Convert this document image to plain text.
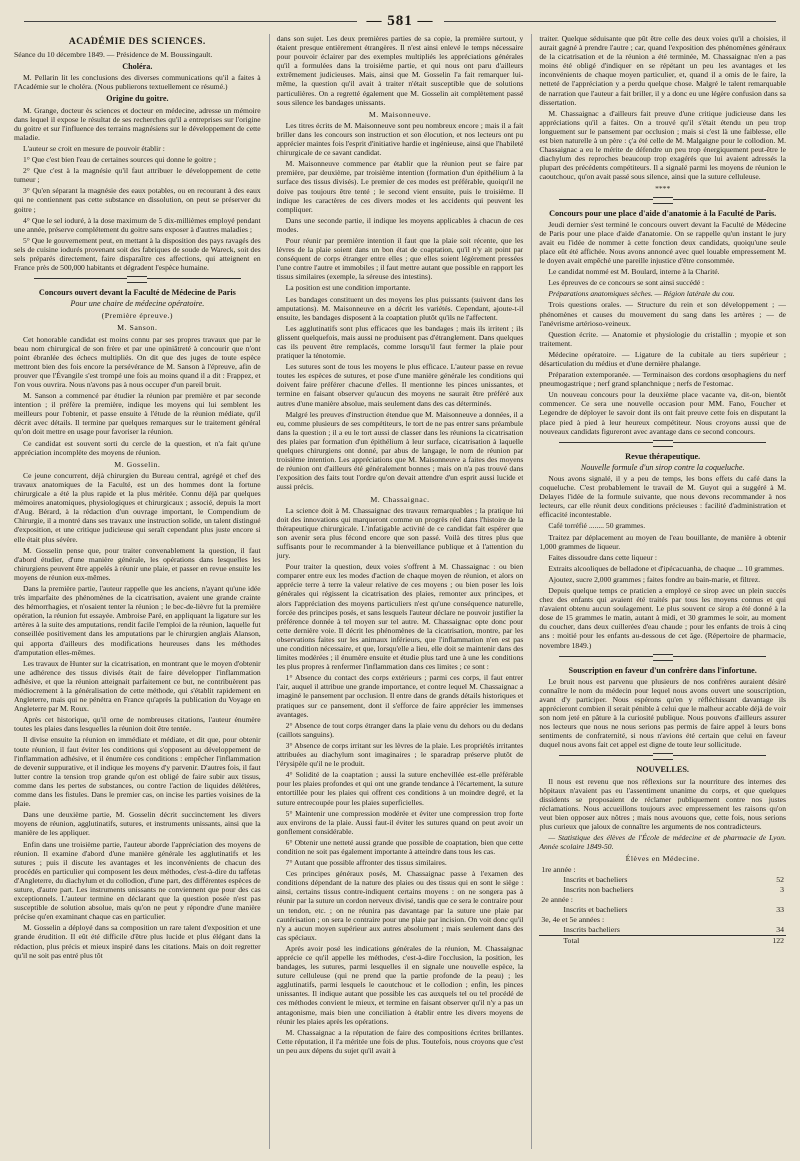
— 581 —
ACADÉMIE DES SCIENCES.

Séance du 10 décembre 1849. — Présidence de M. Boussingault.

Choléra.

M. Pellarin lit les conclusions des diverses communications qu'il a faites à l'Académie sur le choléra. (Nous publierons textuellement ce résumé.)

Origine du goitre.

M. Grange, docteur ès sciences et docteur en médecine, adresse un mémoire dans lequel il expose le résultat de ses recherches qu'il a entreprises sur l'origine du goitre et sur l'influence des terrains magnésiens sur le développement de cette maladie.

L'auteur se croit en mesure de pouvoir établir :

1° Que c'est bien l'eau de certaines sources qui donne le goitre ;

2° Que c'est à la magnésie qu'il faut attribuer le développement de cette tumeur ;

3° Qu'en séparant la magnésie des eaux potables, ou en recourant à des eaux qui ne contiennent pas cette substance en dissolution, on peut se préserver du goitre ;

4° Que le sel ioduré, à la dose maximum de 5 dix-millièmes employé pendant une année, préserve complétement du goitre sans exposer à d'autres maladies ;

5° Que le gouvernement peut, en mettant à la disposition des pays ravagés des sels de cuisine iodurés provenant soit des fabriques de soude de Wareck, soit des sels préparés directement, faire disparaître ces affections, qui atteignent en France près de 500,000 habitants et dégradent l'espèce humaine.

Concours ouvert devant la Faculté de Médecine de Paris
Pour une chaire de médecine opératoire.
(Première épreuve.)
M. Sanson.

Cet honorable candidat est moins connu par ses propres travaux que par le beau nom chirurgical de son frère et par une opiniâtreté à concourir que n'ont point ébranlée des échecs multipliés. On dit que des juges de toute espèce mettront bien des fois encore la persévérance de M. Sanson à l'épreuve, afin de prouver que l'Évangile s'est trompé une fois au moins quand il a dit : Frappez, et l'on vous ouvrira. Nous n'avons pas à nous occuper d'un pareil bruit.

M. Sanson a commencé par étudier la réunion par première et par seconde intention ; il préfère la première, indique les moyens qui lui semblent les meilleurs pour l'obtenir, et passe ensuite à l'étude de la réunion médiate, qu'il décrit avec détails. Il termine par quelques remarques sur le traitement général qu'on doit mettre en usage pour favoriser la réunion.

Ce candidat est souvent sorti du cercle de la question, et n'a fait qu'une appréciation incomplète des moyens de réunion.

M. Gosselin.

Ce jeune concurrent, déjà chirurgien du Bureau central, agrégé et chef des travaux anatomiques de la Faculté, est un des hommes dont la fortune chirurgicale a été la plus rapide et la plus méritée. Connu déjà par quelques mémoires anatomiques, physiologiques et chirurgicaux ; associé, depuis la mort d'Aug. Bérard, à la rédaction d'un ouvrage important, le Compendium de Chirurgie, il a montré dans ses travaux une instruction solide, un talent distingué d'exposition, et une critique judicieuse qui seraît cependant plus juste encore si elle était plus sévère.

M. Gosselin pense que, pour traiter convenablement la question, il faut d'abord étudier, d'une manière générale, les opérations dans lesquelles les chirurgiens peuvent être appelés à réunir une plaie, et passer en revue ensuite les moyens de réunion eux-mêmes.

Dans la première partie, l'auteur rappelle que les anciens, n'ayant qu'une idée très imparfaite des phénomènes de la cicatrisation, avaient une grande crainte des hémorrhagies, et n'osaient tenter la réunion ; le bec-de-lièvre fut la première opération, la réunion fut essayée. Ambroise Paré, en appliquant la ligature sur les artères à la suite des amputations, rendit facile l'emploi de la réunion, laquelle fut conseillée positivement dans les amputations par le chirurgien anglais Alanson, qui apporta d'ailleurs des modifications heureuses dans les méthodes d'amputation elles-mêmes.

Les travaux de Hunter sur la cicatrisation, en montrant que le moyen d'obtenir une adhérence des tissus divisés était de faire développer l'inflammation adhésive, et que la réunion atteignait parfaitement ce but, ne contribuèrent pas médiocrement à la généralisation de cette méthode, qui s'établit rapidement en Angleterre, mais qui ne pénétra en France qu'après la publication du Voyage en Angleterre par M. Roux.

Après cet historique, qu'il orne de nombreuses citations, l'auteur énumère toutes les plaies dans lesquelles la réunion doit être tentée.

Il divise ensuite la réunion en immédiate et médiate, et dit que, pour obtenir toute réunion, il faut éviter les conditions qui s'opposent au développement de l'inflammation adhésive, et il énumère ces conditions : empêcher l'inflammation de devenir suppurative, et il indique les moyens d'y parvenir. D'autres fois, il faut lutter contre la tension trop grande qu'on est obligé de faire subir aux tissus, comme dans les pertes de substances, ou contre l'action de liquides délétères, comme dans les fistules. Dans le premier cas, on incise les parties voisines de la plaie.

Dans une deuxième partie, M. Gosselin décrit succinctement les divers moyens de réunion, agglutinatifs, sutures, et instruments unissants, ainsi que la manière de les appliquer.

Enfin dans une troisième partie, l'auteur aborde l'appréciation des moyens de réunion. Il examine d'abord d'une manière générale les agglutinatifs et les sutures ; puis il discute les avantages et les inconvénients de chacun des procédés en particulier qui composent les deux méthodes, c'est-à-dire du taffetas d'Angleterre, du diachylum et du collodion, d'une part, des différentes espèces de suture, d'autre part. Les instruments unissants ne conviennent que pour des cas exceptionnels. L'auteur termine en déclarant que la question posée n'est pas susceptible de solution absolue, mais qu'on ne peut y répondre d'une manière précise qu'en examinant chaque cas en particulier.

M. Gosselin a déployé dans sa composition un rare talent d'exposition et une grande érudition. Il eût été difficile d'être plus lucide et plus élégant dans la rédaction, plus précis et mieux inspiré dans les citations. Mais on doit regretter qu'il ne soit pas entré plus tôt

dans son sujet. Les deux premières parties de sa copie, la première surtout, y étaient presque entièrement étrangères. Il n'est ainsi enlevé le temps nécessaire pour pouvoir éclairer par des exemples multipliés les appréciations générales qu'il a formulées dans la troisième partie, et qui nous ont paru d'ailleurs extrêmement judicieuses. Mais, ainsi que M. Gosselin l'a fait remarquer lui-même, la question qu'il avait à traiter n'était susceptible que de solutions particulières. On a regretté également que M. Gosselin ait complètement passé sous silence les bandages unissants.

M. Maisonneuve.

Les titres écrits de M. Maisonneuve sont peu nombreux encore ; mais il a fait briller dans les concours son instruction et son élocution, et nos lecteurs ont pu apprécier maintes fois l'esprit d'initiative hardie et ingénieuse, ainsi que l'habileté chirurgicale de ce savant candidat.

M. Maisonneuve commence par établir que la réunion peut se faire par première, par deuxième, par troisième intention (formation d'un épithélium à la surface des tissus divisés). Le premier de ces modes est préférable, quoiqu'il ne doive pas toujours être tenté ; le second vient ensuite, puis le troisième. Il indique les caractères de ces divers modes et les accidents qui peuvent les compliquer.

Dans une seconde partie, il indique les moyens applicables à chacun de ces modes.

Pour réunir par première intention il faut que la plaie soit récente, que les lèvres de la plaie soient dans un bon état de coaptation, qu'il n'y ait point par conséquent de corps étranger entre elles ; que elles soient légèrement pressées l'une contre l'autre et immobiles ; il faut mettre autant que possible en rapport les tissus similaires (exemple, la séreuse des intestins).

La position est une condition importante.

Les bandages constituent un des moyens les plus puissants (suivent dans les amputations). M. Maisonneuve en a décrit les variétés. Cependant, ajoute-t-il ensuite, les bandages disposent à la coaptation plutôt qu'ils ne l'affectent.

Les agglutinatifs sont plus efficaces que les bandages ; mais ils irritent ; ils glissent quelquefois, mais aussi ne produisent pas d'étranglement. Dans quelques cas ils peuvent être remplacés, comme lorsqu'il faut fermer la plaie pour pratiquer la ténotomie.

Les sutures sont de tous les moyens le plus efficace. L'auteur passe en revue toutes les espèces de sutures, et pose d'une manière générale les conditions qui doivent faire préférer chacune d'elles. Il mentionne les pinces unissantes, et termine en faisant observer qu'aucun des moyens ne saurait être préféré aux autres d'une manière absolue, mais seulement dans des cas déterminés.

Malgré les preuves d'instruction étendue que M. Maisonneuve a données, il a eu, comme plusieurs de ses compétiteurs, le tort de ne pas entrer sans préambule dans la question ; il a eu le tort aussi de classer dans les réunions la cicatrisation des plaies par formation d'un épithélium à leur surface, cicatrisation à laquelle quelques chirurgiens ont donné, par abus de langage, le nom de réunion par troisième intention. Les appréciations que M. Maisonneuve a faites des moyens de réunion ont d'ailleurs été généralement bonnes ; mais on n'a pas trouvé dans l'exposition des faits tout l'ordre qu'on devait attendre d'un esprit aussi lucide et aussi précis.

M. Chassaignac.

La science doit à M. Chassaignac des travaux remarquables ; la pratique lui doit des innovations qui marqueront comme un progrès réel dans l'histoire de la thérapeutique chirurgicale. L'infatigable activité de ce candidat fait espérer que son avenir sera plus fécond encore que son passé. Voilà des titres plus que suffisants pour le recommander à la bienveillance publique et à l'attention du jury.

Pour traiter la question, deux voies s'offrent à M. Chassaignac : ou bien comparer entre eux les modes d'action de chaque moyen de réunion, et alors on apprécie terre à terre la valeur relative de ces moyens ; ou bien poser les lois générales qui régissent la cicatrisation des plaies, remonter aux principes, et alors l'appréciation des moyens particuliers n'est qu'une conséquence naturelle, forcée des principes posés, et sans lesquels l'auteur déclare ne pouvoir justifier la préférence donnée à tel moyen sur tel autre. M. Chassaignac opte donc pour cette dernière voie. Il décrit les phénomènes de la cicatrisation, montre, par les observations faites sur les animaux inférieurs, que l'inflammation n'en est pas une condition nécessaire, et que, lorsqu'elle a lieu, elle doit se maintenir dans des limites modérées ; il énumère ensuite et étudie plus tard une à une les conditions les plus propres à renfermer l'inflammation dans ces limites ; ce sont :

1° Absence du contact des corps extérieurs ; parmi ces corps, il faut entrer l'air, auquel il attribue une grande importance, et contre lequel M. Chassaignac a imaginé le pansement par occlusion. Il entre dans de grands détails historiques et pratiques sur ce pansement, dont il s'efforce de faire apprécier les immenses avantages.

2° Absence de tout corps étranger dans la plaie venu du dehors ou du dedans (caillots sanguins).

3° Absence de corps irritant sur les lèvres de la plaie. Les propriétés irritantes attribuées au diachylum sont imaginaires ; le sparadrap préserve plutôt de l'érysipèle qu'il ne le produit.

4° Solidité de la coaptation ; aussi la suture enchevillée est-elle préférable pour les plaies profondes et qui ont une grande tendance à l'écartement, la suture entortillée pour les plaies qui offrent ces conditions à un moindre degré, et la suture entrecoupée pour les plaies superficielles.

5° Maintenir une compression modérée et éviter une compression trop forte aux environs de la plaie. Aussi faut-il éviter les sutures quand on peut avoir un gonflement considérable.

6° Obtenir une netteté aussi grande que possible de coaptation, bien que cette condition ne soit pas également importante à atteindre dans tous les cas.

7° Autant que possible affronter des tissus similaires.

Ces principes généraux posés, M. Chassaignac passe à l'examen des conditions dépendant de la nature des plaies ou des tissus qui en sont le siège : ainsi, certains tissus contre-indiquent certains moyens : on ne songera pas à réunir par la suture un cordon nerveux divisé, tandis que ce sera le contraire pour un tendon, etc. ; on ne réunira pas davantage par la suture une plaie par cautérisation ; on sera le contraire pour une plaie par incision. On voit donc qu'il n'y a aucun moyen supérieur aux autres absolument ; mais seulement dans des cas spéciaux.

Après avoir posé les indications générales de la réunion, M. Chassaignac apprécie ce qu'il appelle les méthodes, c'est-à-dire l'occlusion, la position, les bandages, les sutures, parmi lesquelles il en signale une nouvelle espèce, la suture celluleuse (qui ne prend que la partie profonde de la peau) ; les agglutinatifs, parmi lesquels le caoutchouc et le collodion ; enfin, les pinces unissantes. Il indique autant que possible les cas auxquels tel ou tel procédé de ces méthodes convient le mieux, et termine en faisant observer qu'il n'y a pas un antagonisme, mais bien une conciliation à établir entre les divers moyens de réunir les plaies après les opérations.

M. Chassaignac a la réputation de faire des compositions écrites brillantes. Cette réputation, il l'a méritée une fois de plus. Toutefois, nous croyons que c'est un peu aux dépens du sujet qu'il avait à

traiter. Quelque séduisante que pût être celle des deux voies qu'il a choisies, il aurait gagné à prendre l'autre ; car, quand l'exposition des phénomènes généraux de la cicatrisation et de la réunion a été terminée, M. Chassaignac n'en a pas moins été obligé d'indiquer en se répétant un peu les avantages et les inconvénients de chaque moyen particulier, et, quand il a omis de le faire, la netteté de l'appréciation y a perdu quelque chose. Malgré le talent remarquable de narration que l'auteur a fait briller, il y a donc eu une légère confusion dans sa dissertation.

M. Chassaignac a d'ailleurs fait preuve d'une critique judicieuse dans les appréciations qu'il a faites. On a trouvé qu'il s'était étendu un peu trop longuement sur le pansement par occlusion ; mais si c'est là une faiblesse, elle est bien naturelle à un père : ç'a été celle de M. Malgaigne pour le collodion. M. Chassaignac a eu le mérite de défendre un peu trop énergiquement peut-être le diachylum des reproches beaucoup trop exagérés que lui avaient adressés la plupart des précédents compétiteurs. Il a signalé parmi les moyens de réunion le caoutchouc, qu'on avait passé sous silence, ainsi que la suture celluleuse.

****
Concours pour une place d'aide d'anatomie à la Faculté de Paris.

Jeudi dernier s'est terminé le concours ouvert devant la Faculté de Médecine de Paris pour une place d'aide d'anatomie. On se rappelle qu'un instant le jury avait eu l'idée de nommer à cette fonction deux candidats, quoiqu'une seule place eût été affichée. Nous avons annoncé avec quel louable empressement M. le doyen avait empêché une pareille injustice d'être consommée.

Le candidat nommé est M. Boulard, interne à la Charité.

Les épreuves de ce concours se sont ainsi succédé :

Préparations anatomiques sèches. — Région latérale du cou.

Trois questions orales. — Structure du rein et son développement ; — phénomènes et causes du mouvement du sang dans les artères ; — de l'anévrisme artérioso-veineux.

Question écrite. — Anatomie et physiologie du cristallin ; myopie et son traitement.

Médecine opératoire. — Ligature de la cubitale au tiers supérieur ; désarticulation du médius et d'une dernière phalange.

Préparation extemporanée. — Terminaison des cordons œsophagiens du nerf pneumogastrique ; nerf grand splanchnique ; nerfs de l'estomac.

Un nouveau concours pour la deuxième place vacante va, dit-on, bientôt commencer. Ce sera une nouvelle occasion pour MM. Fano, Foucher et Legendre de déployer le savoir dont ils ont fait preuve cette fois en disputant la place pied à pied à leur heureux compétiteur. Nous croyons aussi que de nouveaux candidats figureront avec avantage dans ce second concours.

Revue thérapeutique.
Nouvelle formule d'un sirop contre la coqueluche.

Nous avons signalé, il y a peu de temps, les bons effets du café dans la coqueluche. C'est probablement le travail de M. Guyot qui a suggéré à M. Delayes l'idée de la formule suivante, que nous devons recommander à nos lecteurs, car elle réunit deux conditions précieuses : facilité d'administration et efficacité incontestable.

Café torréfié ........ 50 grammes.

Traitez par déplacement au moyen de l'eau bouillante, de manière à obtenir 1,000 grammes de liqueur.

Faites dissoudre dans cette liqueur :

Extraits alcooliques de belladone et d'ipécacuanha, de chaque ... 10 grammes.

Ajoutez, sucre 2,000 grammes ; faites fondre au bain-marie, et filtrez.

Depuis quelque temps ce praticien a employé ce sirop avec un plein succès chez des enfants qui avaient été traités par tous les moyens connus et qui n'avaient obtenu aucun soulagement. Le plus souvent ce sirop a été donné à la dose de 15 grammes le matin, autant à midi, et 30 grammes le soir, au moment du coucher, dans deux cuillerées d'eau chaude ; pour les enfants de trois à cinq ans : moitié pour les enfants au-dessous de cet âge. (Répertoire de pharmacie, novembre 1849.)

Souscription en faveur d'un confrère dans l'infortune.

Le bruit nous est parvenu que plusieurs de nos confrères auraient désiré connaître le nom du médecin pour lequel nous avons ouvert une souscription, avant d'y participer. Nous espérons qu'en y réfléchissant davantage ils apprécieront combien il serait pénible à celui que le malheur accable déjà de voir son nom jeté en pâture à la curiosité publique. Nous pouvons d'ailleurs assurer nos lecteurs que nous ne nous serions pas permis de faire appel à leurs bons sentiments de confraternité, si nous n'avions été certain que celui en faveur duquel nous avons fait cet appel est digne de toute leur sollicitude.

NOUVELLES.

Il nous est revenu que nos réflexions sur la nourriture des internes des hôpitaux n'avaient pas eu l'assentiment unanime du corps, et que quelques dissidents se proposaient de réclamer publiquement contre nos justes réclamations. Nous accueillons toujours avec empressement les raisons qu'on veut bien opposer aux nôtres ; mais nous avouons que, cette fois, nous serions plus curieux que jaloux de connaître les arguments de nos contradicteurs.

— Statistique des élèves de l'École de médecine et de pharmacie de Lyon. Année scolaire 1849-50.

Élèves en Médecine.
1re année :	
Inscrits et bacheliers	52
Inscrits non bacheliers	3
2e année :	
Inscrits et bacheliers	33
3e, 4e et 5e années :	
Inscrits bacheliers	34
Total	122
